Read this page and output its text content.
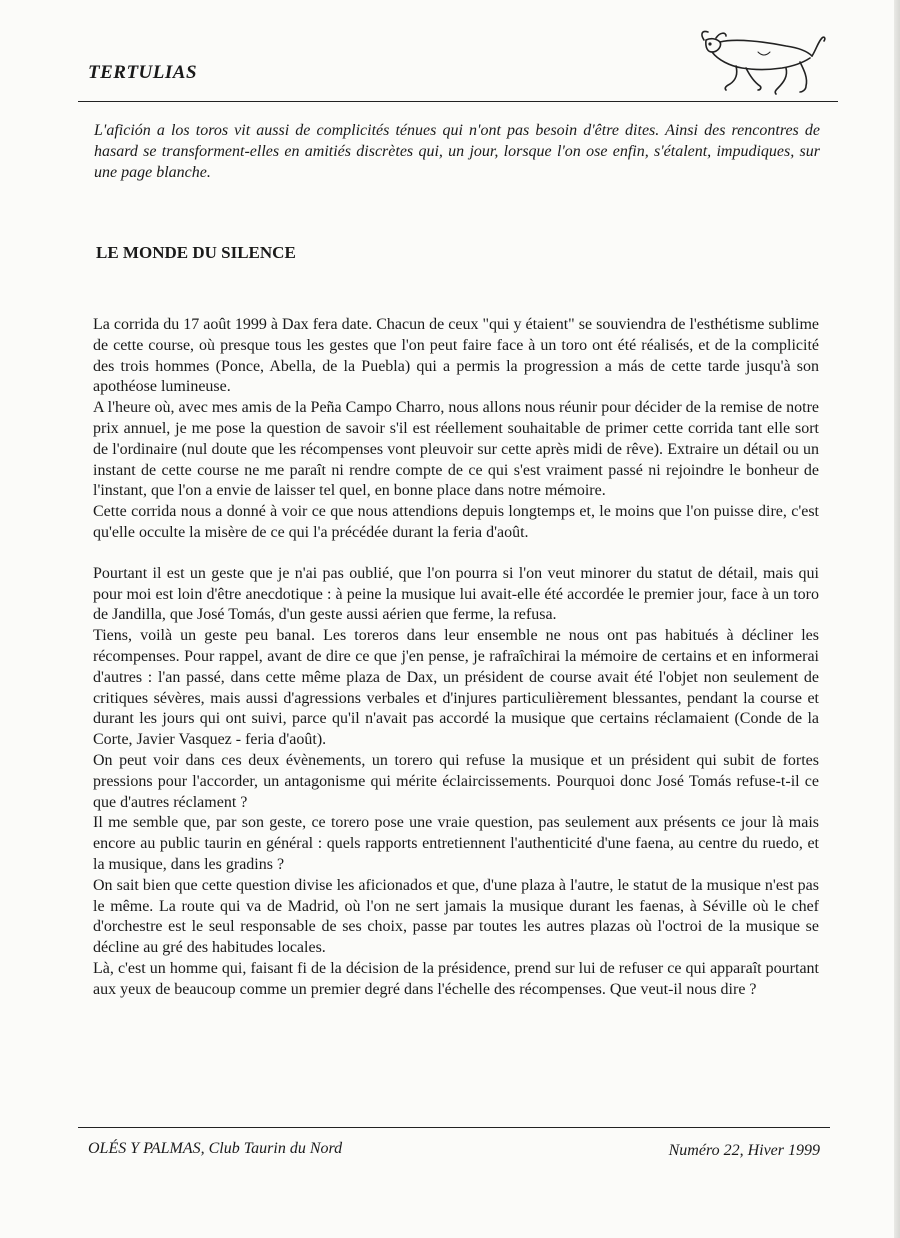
TERTULIAS
L'afición a los toros vit aussi de complicités ténues qui n'ont pas besoin d'être dites. Ainsi des rencontres de hasard se transforment-elles en amitiés discrètes qui, un jour, lorsque l'on ose enfin, s'étalent, impudiques, sur une page blanche.
LE MONDE DU SILENCE

La corrida du 17 août 1999 à Dax fera date. Chacun de ceux "qui y étaient" se souviendra de l'esthétisme sublime de cette course, où presque tous les gestes que l'on peut faire face à un toro ont été réalisés, et de la complicité des trois hommes (Ponce, Abella, de la Puebla) qui a permis la progression a más de cette tarde jusqu'à son apothéose lumineuse.

A l'heure où, avec mes amis de la Peña Campo Charro, nous allons nous réunir pour décider de la remise de notre prix annuel, je me pose la question de savoir s'il est réellement souhaitable de primer cette corrida tant elle sort de l'ordinaire (nul doute que les récompenses vont pleuvoir sur cette après midi de rêve). Extraire un détail ou un instant de cette course ne me paraît ni rendre compte de ce qui s'est vraiment passé ni rejoindre le bonheur de l'instant, que l'on a envie de laisser tel quel, en bonne place dans notre mémoire.

Cette corrida nous a donné à voir ce que nous attendions depuis longtemps et, le moins que l'on puisse dire, c'est qu'elle occulte la misère de ce qui l'a précédée durant la feria d'août.

Pourtant il est un geste que je n'ai pas oublié, que l'on pourra si l'on veut minorer du statut de détail, mais qui pour moi est loin d'être anecdotique : à peine la musique lui avait-elle été accordée le premier jour, face à un toro de Jandilla, que José Tomás, d'un geste aussi aérien que ferme, la refusa.

Tiens, voilà un geste peu banal. Les toreros dans leur ensemble ne nous ont pas habitués à décliner les récompenses. Pour rappel, avant de dire ce que j'en pense, je rafraîchirai la mémoire de certains et en informerai d'autres : l'an passé, dans cette même plaza de Dax, un président de course avait été l'objet non seulement de critiques sévères, mais aussi d'agressions verbales et d'injures particulièrement blessantes, pendant la course et durant les jours qui ont suivi, parce qu'il n'avait pas accordé la musique que certains réclamaient (Conde de la Corte, Javier Vasquez - feria d'août).

On peut voir dans ces deux évènements, un torero qui refuse la musique et un président qui subit de fortes pressions pour l'accorder, un antagonisme qui mérite éclaircissements. Pourquoi donc José Tomás refuse-t-il ce que d'autres réclament ?

Il me semble que, par son geste, ce torero pose une vraie question, pas seulement aux présents ce jour là mais encore au public taurin en général : quels rapports entretiennent l'authenticité d'une faena, au centre du ruedo, et la musique, dans les gradins ?

On sait bien que cette question divise les aficionados et que, d'une plaza à l'autre, le statut de la musique n'est pas le même. La route qui va de Madrid, où l'on ne sert jamais la musique durant les faenas, à Séville où le chef d'orchestre est le seul responsable de ses choix, passe par toutes les autres plazas où l'octroi de la musique se décline au gré des habitudes locales.

Là, c'est un homme qui, faisant fi de la décision de la présidence, prend sur lui de refuser ce qui apparaît pourtant aux yeux de beaucoup comme un premier degré dans l'échelle des récompenses. Que veut-il nous dire ?

OLÉS Y PALMAS, Club Taurin du Nord	Numéro 22, Hiver 1999
